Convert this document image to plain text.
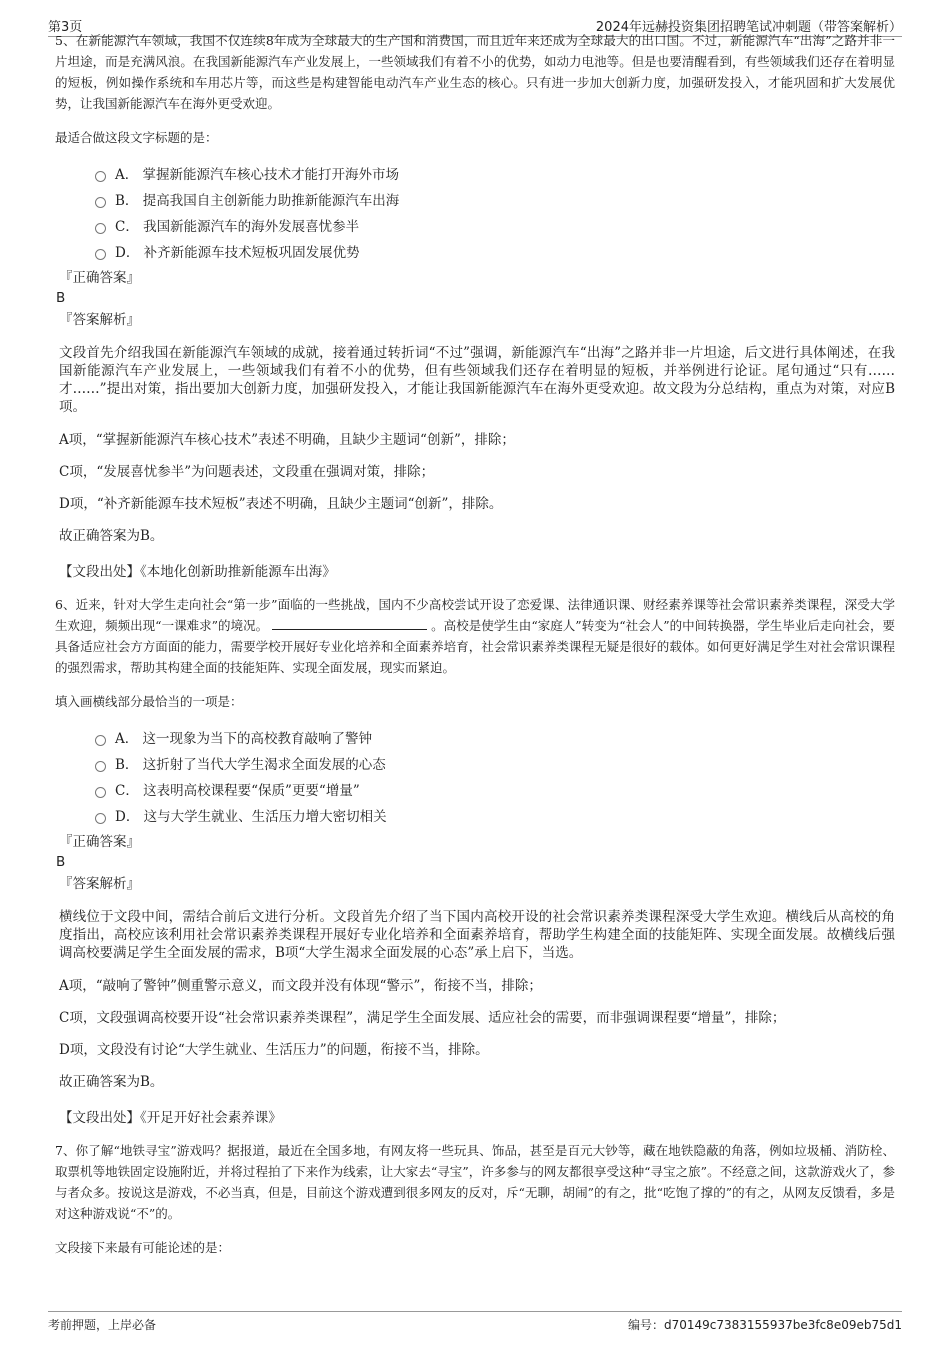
第3页	2024年远赫投资集团招聘笔试冲刺题（带答案解析）

5、在新能源汽车领域，我国不仅连续8年成为全球最大的生产国和消费国，而且近年来还成为全球最大的出口国。不过，新能源汽车“出海”之路并非一片坦途，而是充满风浪。在我国新能源汽车产业发展上，一些领域我们有着不小的优势，如动力电池等。但是也要清醒看到，有些领域我们还存在着明显的短板，例如操作系统和车用芯片等，而这些是构建智能电动汽车产业生态的核心。只有进一步加大创新力度，加强研发投入，才能巩固和扩大发展优势，让我国新能源汽车在海外更受欢迎。

最适合做这段文字标题的是：

A． 掌握新能源汽车核心技术才能打开海外市场
B． 提高我国自主创新能力助推新能源汽车出海
C． 我国新能源汽车的海外发展喜忧参半
D． 补齐新能源车技术短板巩固发展优势
『正确答案』
B
『答案解析』

文段首先介绍我国在新能源汽车领域的成就，接着通过转折词“不过”强调，新能源汽车“出海”之路并非一片坦途，后文进行具体阐述，在我国新能源汽车产业发展上，一些领域我们有着不小的优势，但有些领域我们还存在着明显的短板，并举例进行论证。尾句通过“只有……才……”提出对策，指出要加大创新力度，加强研发投入，才能让我国新能源汽车在海外更受欢迎。故文段为分总结构，重点为对策，对应B项。

A项，“掌握新能源汽车核心技术”表述不明确，且缺少主题词“创新”，排除；

C项，“发展喜忧参半”为问题表述，文段重在强调对策，排除；

D项，“补齐新能源车技术短板”表述不明确，且缺少主题词“创新”，排除。

故正确答案为B。

【文段出处】《本地化创新助推新能源车出海》

6、近来，针对大学生走向社会“第一步”面临的一些挑战，国内不少高校尝试开设了恋爱课、法律通识课、财经素养课等社会常识素养类课程，深受大学生欢迎，频频出现“一课难求”的境况。	。高校是使学生由“家庭人”转变为“社会人”的中间转换器，学生毕业后走向社会，要具备适应社会方方面面的能力，需要学校开展好专业化培养和全面素养培育，社会常识素养类课程无疑是很好的载体。如何更好满足学生对社会常识课程的强烈需求，帮助其构建全面的技能矩阵、实现全面发展，现实而紧迫。

填入画横线部分最恰当的一项是：

A． 这一现象为当下的高校教育敲响了警钟
B． 这折射了当代大学生渴求全面发展的心态
C． 这表明高校课程要“保质”更要“增量”
D． 这与大学生就业、生活压力增大密切相关
『正确答案』
B
『答案解析』

横线位于文段中间，需结合前后文进行分析。文段首先介绍了当下国内高校开设的社会常识素养类课程深受大学生欢迎。横线后从高校的角度指出，高校应该利用社会常识素养类课程开展好专业化培养和全面素养培育，帮助学生构建全面的技能矩阵、实现全面发展。故横线后强调高校要满足学生全面发展的需求，B项“大学生渴求全面发展的心态”承上启下，当选。

A项，“敲响了警钟”侧重警示意义，而文段并没有体现“警示”，衔接不当，排除；

C项，文段强调高校要开设“社会常识素养类课程”，满足学生全面发展、适应社会的需要，而非强调课程要“增量”，排除；

D项，文段没有讨论“大学生就业、生活压力”的问题，衔接不当，排除。

故正确答案为B。

【文段出处】《开足开好社会素养课》

7、你了解“地铁寻宝”游戏吗？据报道，最近在全国多地，有网友将一些玩具、饰品，甚至是百元大钞等，藏在地铁隐蔽的角落，例如垃圾桶、消防栓、取票机等地铁固定设施附近，并将过程拍了下来作为线索，让大家去“寻宝”，许多参与的网友都很享受这种“寻宝之旅”。不经意之间，这款游戏火了，参与者众多。按说这是游戏，不必当真，但是，目前这个游戏遭到很多网友的反对，斥“无聊，胡闹”的有之，批“吃饱了撑的”的有之，从网友反馈看，多是对这种游戏说“不”的。

文段接下来最有可能论述的是：

考前押题，上岸必备	编号：d70149c7383155937be3fc8e09eb75d1
